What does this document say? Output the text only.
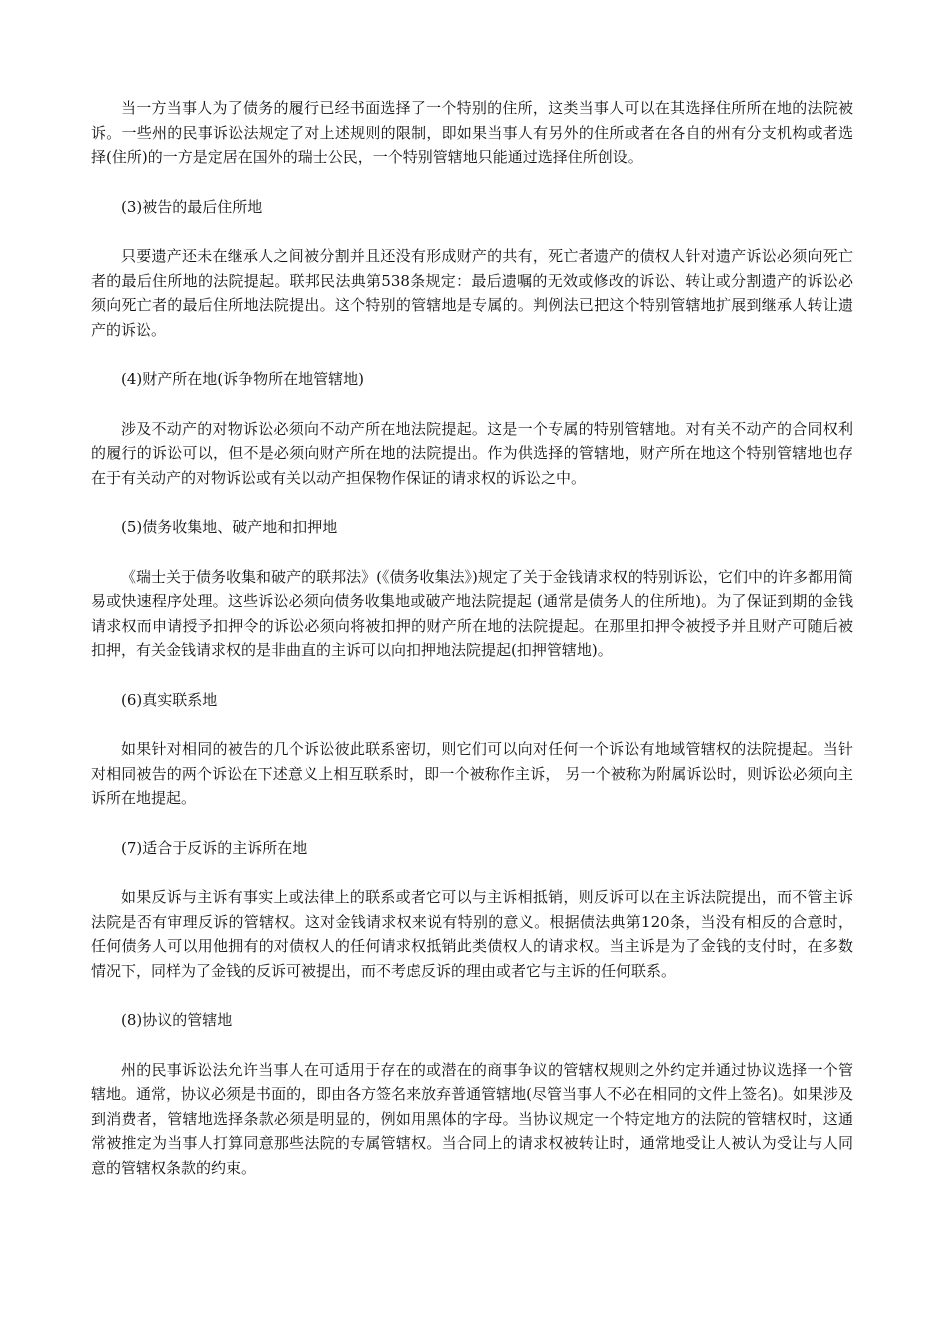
当一方当事人为了债务的履行已经书面选择了一个特别的住所，这类当事人可以在其选择住所所在地的法院被诉。一些州的民事诉讼法规定了对上述规则的限制，即如果当事人有另外的住所或者在各自的州有分支机构或者选择(住所)的一方是定居在国外的瑞士公民，一个特别管辖地只能通过选择住所创设。

(3)被告的最后住所地

只要遗产还未在继承人之间被分割并且还没有形成财产的共有，死亡者遗产的债权人针对遗产诉讼必须向死亡者的最后住所地的法院提起。联邦民法典第538条规定：最后遗嘱的无效或修改的诉讼、转让或分割遗产的诉讼必须向死亡者的最后住所地法院提出。这个特别的管辖地是专属的。判例法已把这个特别管辖地扩展到继承人转让遗产的诉讼。

(4)财产所在地(诉争物所在地管辖地)

涉及不动产的对物诉讼必须向不动产所在地法院提起。这是一个专属的特别管辖地。对有关不动产的合同权利的履行的诉讼可以，但不是必须向财产所在地的法院提出。作为供选择的管辖地，财产所在地这个特别管辖地也存在于有关动产的对物诉讼或有关以动产担保物作保证的请求权的诉讼之中。

(5)债务收集地、破产地和扣押地

《瑞士关于债务收集和破产的联邦法》(《债务收集法》)规定了关于金钱请求权的特别诉讼，它们中的许多都用简易或快速程序处理。这些诉讼必须向债务收集地或破产地法院提起 (通常是债务人的住所地)。为了保证到期的金钱请求权而申请授予扣押令的诉讼必须向将被扣押的财产所在地的法院提起。在那里扣押令被授予并且财产可随后被扣押，有关金钱请求权的是非曲直的主诉可以向扣押地法院提起(扣押管辖地)。

(6)真实联系地

如果针对相同的被告的几个诉讼彼此联系密切，则它们可以向对任何一个诉讼有地域管辖权的法院提起。当针对相同被告的两个诉讼在下述意义上相互联系时，即一个被称作主诉， 另一个被称为附属诉讼时，则诉讼必须向主诉所在地提起。

(7)适合于反诉的主诉所在地

如果反诉与主诉有事实上或法律上的联系或者它可以与主诉相抵销，则反诉可以在主诉法院提出，而不管主诉法院是否有审理反诉的管辖权。这对金钱请求权来说有特别的意义。根据债法典第120条，当没有相反的合意时，任何债务人可以用他拥有的对债权人的任何请求权抵销此类债权人的请求权。当主诉是为了金钱的支付时，在多数情况下，同样为了金钱的反诉可被提出，而不考虑反诉的理由或者它与主诉的任何联系。

(8)协议的管辖地

州的民事诉讼法允许当事人在可适用于存在的或潜在的商事争议的管辖权规则之外约定并通过协议选择一个管辖地。通常，协议必须是书面的，即由各方签名来放弃普通管辖地(尽管当事人不必在相同的文件上签名)。如果涉及到消费者，管辖地选择条款必须是明显的，例如用黑体的字母。当协议规定一个特定地方的法院的管辖权时，这通常被推定为当事人打算同意那些法院的专属管辖权。当合同上的请求权被转让时，通常地受让人被认为受让与人同意的管辖权条款的约束。
